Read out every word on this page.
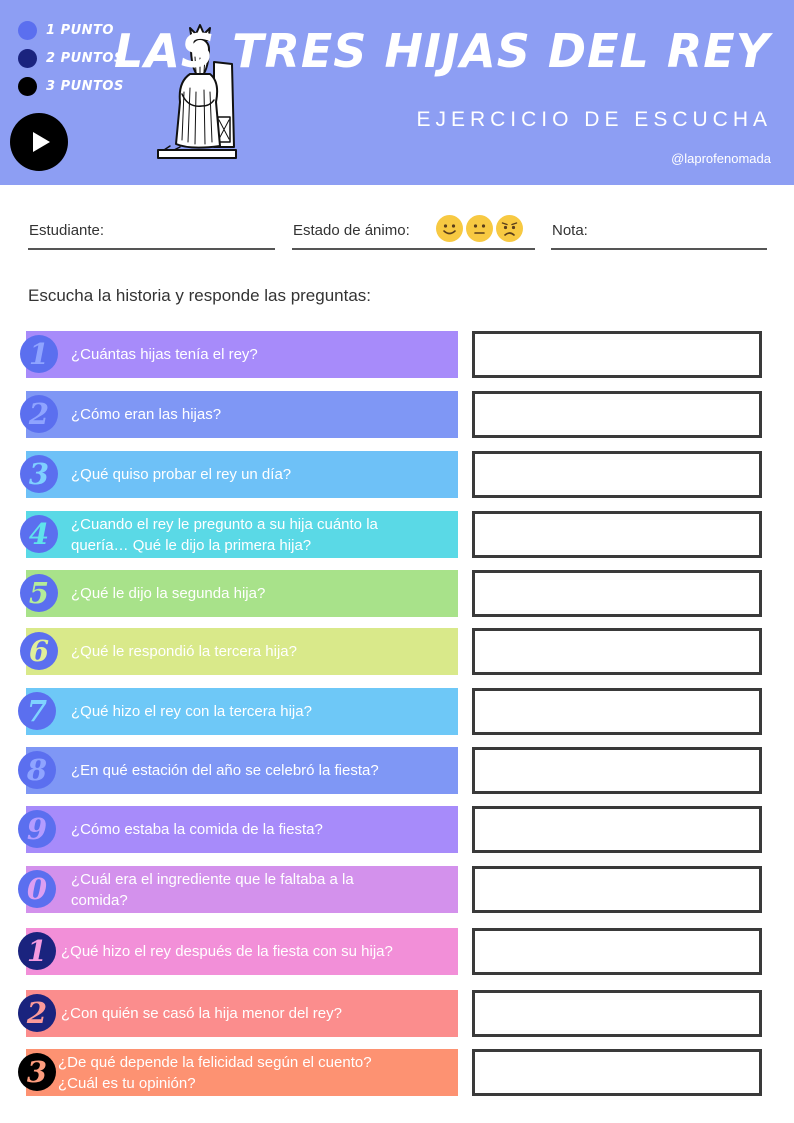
1 PUNTO
2 PUNTOS
3 PUNTOS
LAS TRES HIJAS DEL REY
EJERCICIO DE ESCUCHA
@laprofenomada
Estudiante:	Estado de ánimo:	Nota:
Escucha la historia y responde las preguntas:
¿Cuántas hijas tenía el rey?
1
¿Cómo eran las hijas?
2
¿Qué quiso probar el rey un día?
3
¿Cuando el rey le pregunto a su hija cuánto la
quería… Qué le dijo la primera hija?
4
¿Qué le dijo la segunda hija?
5
¿Qué le respondió la tercera hija?
6
¿Qué hizo el rey con la tercera hija?
7
¿En qué estación del año se celebró la fiesta?
8
¿Cómo estaba la comida de la fiesta?
9
¿Cuál era el ingrediente que le faltaba a la
comida?
0
¿Qué hizo el rey después de la fiesta con su hija?
1
¿Con quién se casó la hija menor del rey?
2
¿De qué depende la felicidad según el cuento?
¿Cuál es tu opinión?
3
